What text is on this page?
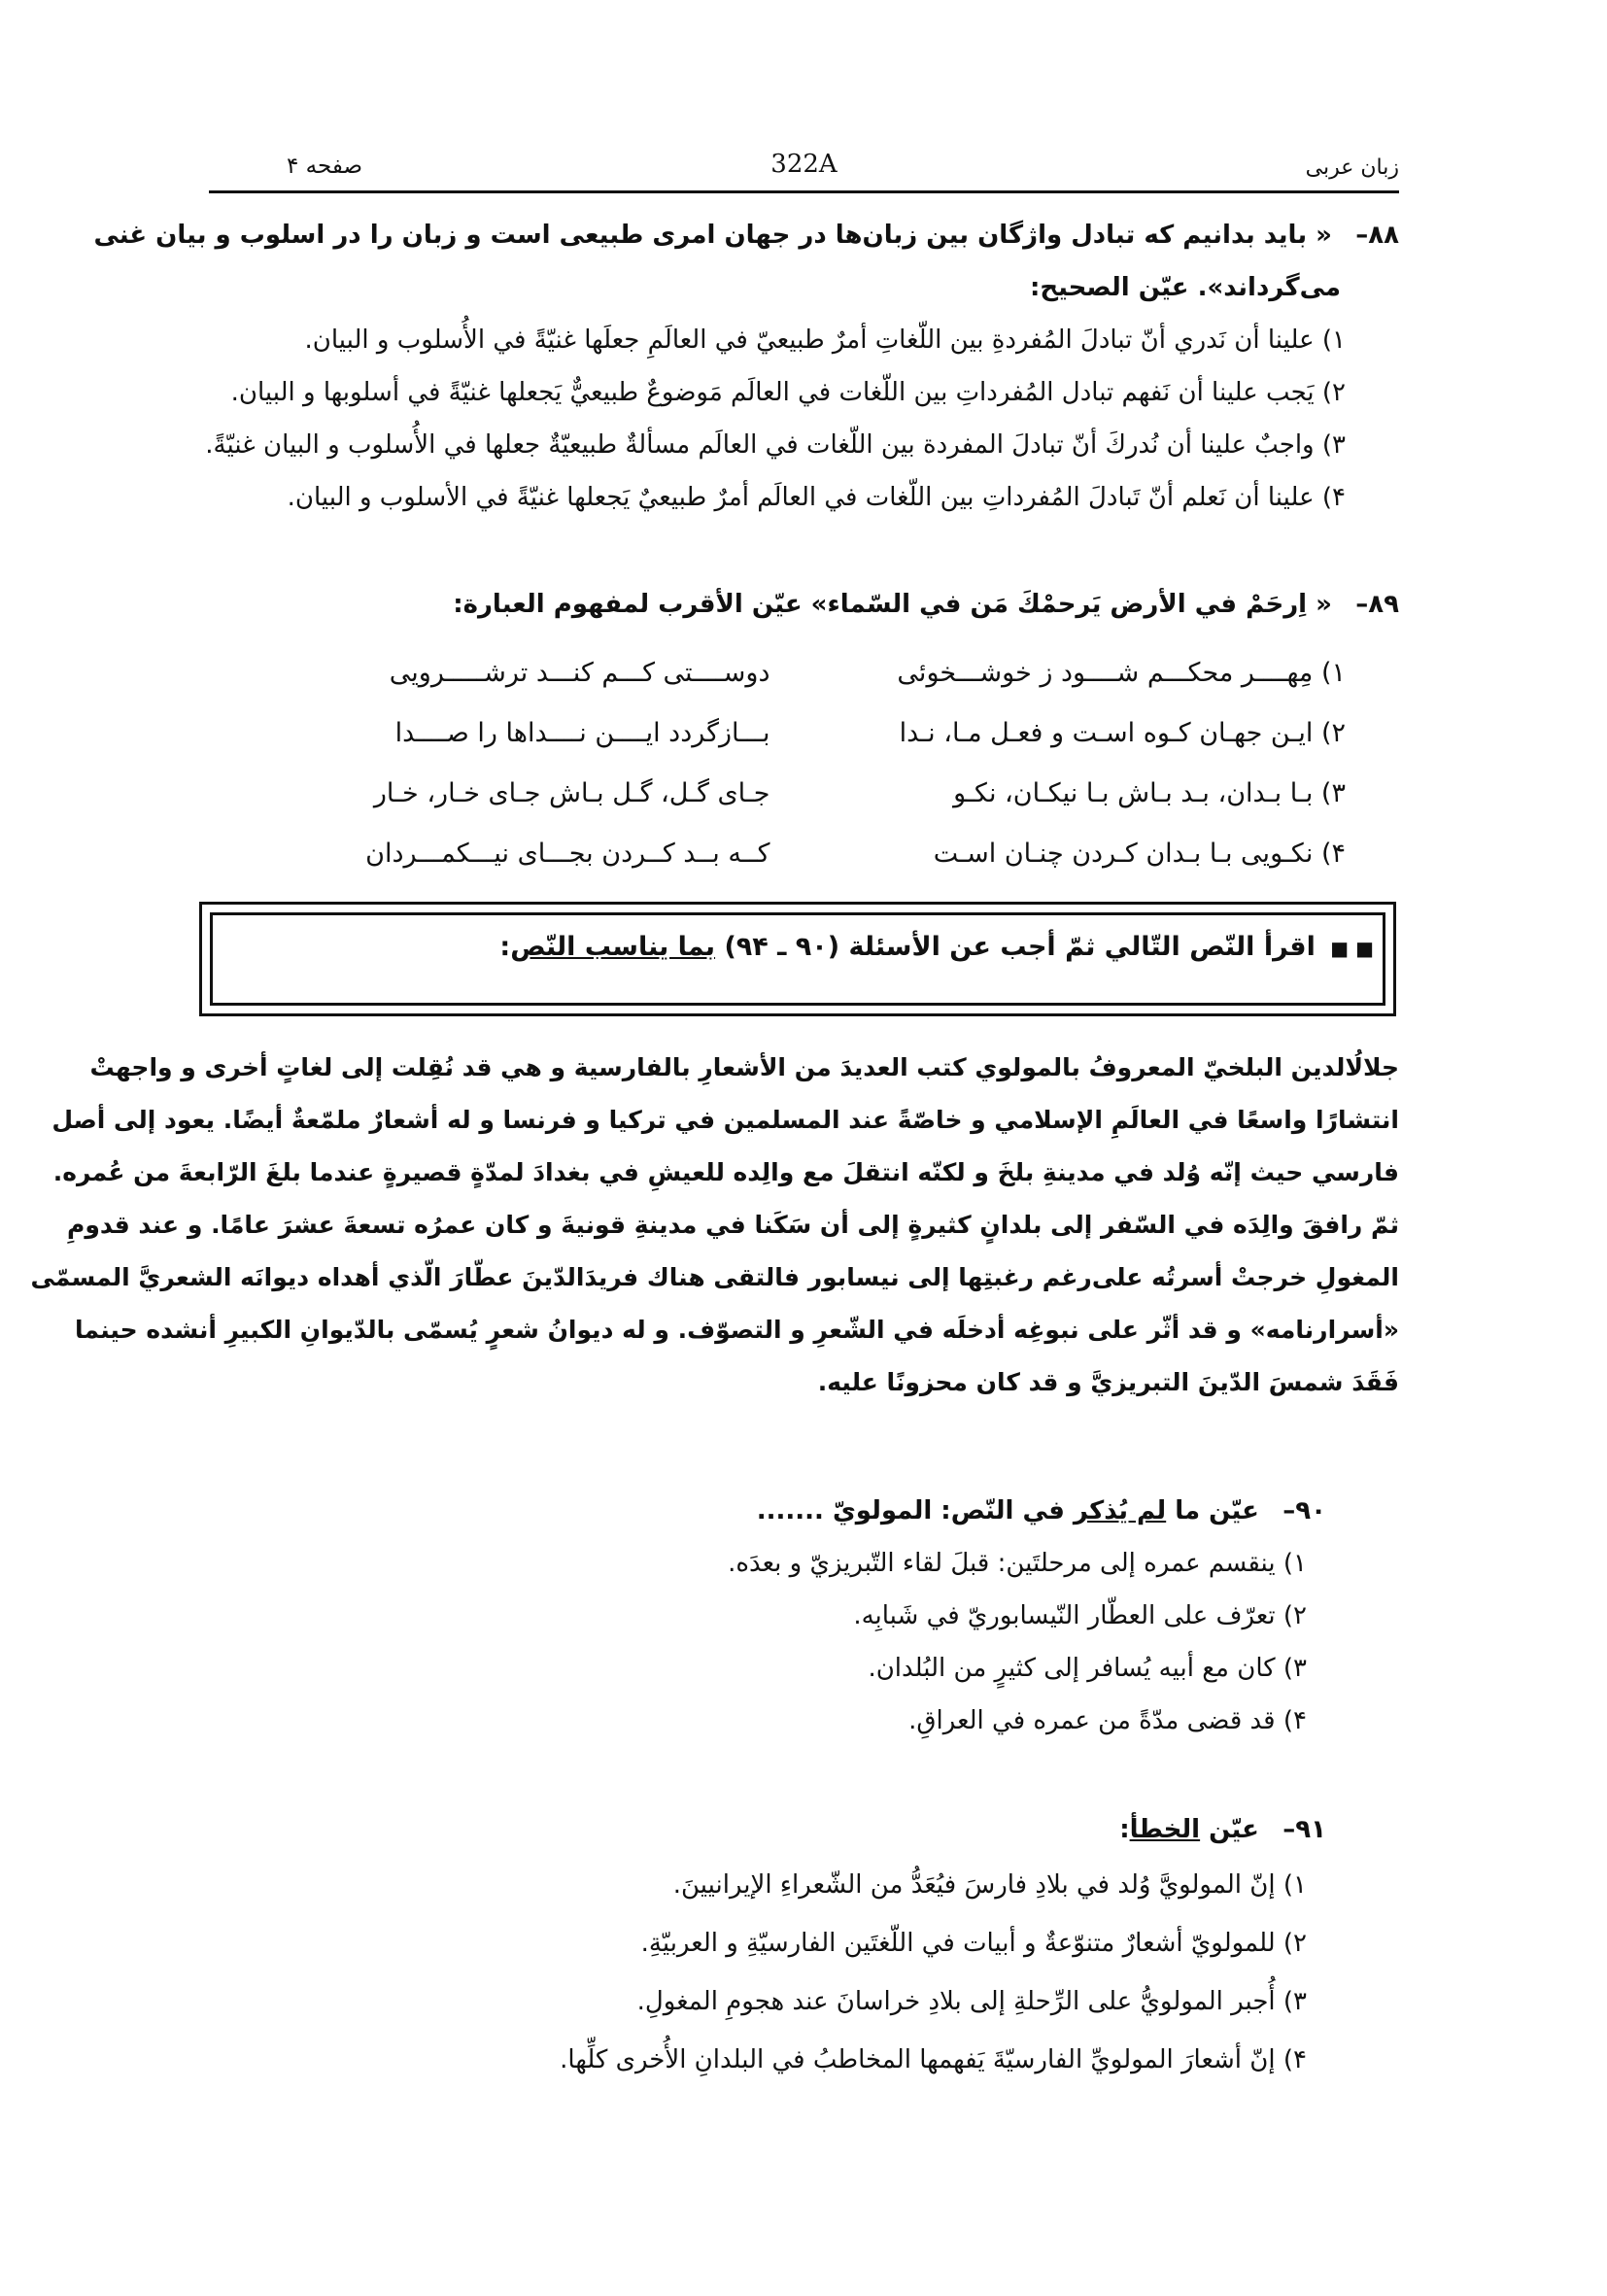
زبان عربی
322A
صفحه ۴
۸۸– « باید بدانیم که تبادل واژگان بین زبان‌ها در جهان امری طبیعی است و زبان را در اسلوب و بیان غنی
می‌گرداند». عیّن الصحیح:
۱) علینا أن نَدري أنّ تبادلَ المُفردةِ بین اللّغاتِ أمرٌ طبیعيّ في العالَمِ جعلَها غنیّةً في الأُسلوب و البیان.
۲) یَجب علینا أن نَفهم تبادل المُفرداتِ بین اللّغات في العالَم مَوضوعٌ طبیعيٌّ یَجعلها غنیّةً في أسلوبها و البیان.
۳) واجبٌ علینا أن نُدركَ أنّ تبادلَ المفردة بین اللّغات في العالَم مسألةٌ طبیعیّةٌ جعلها في الأُسلوب و البیان غنیّةً.
۴) علینا أن نَعلم أنّ تَبادلَ المُفرداتِ بین اللّغات في العالَم أمرٌ طبیعيٌ یَجعلها غنیّةً في الأسلوب و البیان.
۸۹– « اِرحَمْ في الأرض یَرحمْكَ مَن في السّماء» عیّن الأقرب لمفهوم العبارة:
۱) مِهــــر محکـــم شــــود ز خوشـــخوئی
دوســــتی کـــم کنـــد ترشـــــرویی
۲) ایـن جهـان کـوه اسـت و فعـل مـا، نـدا
بـــازگردد ایــــن نــــداها را صــــدا
۳) بـا بـدان، بـد بـاش بـا نیکـان، نکـو
جـای گـل، گـل بـاش جـای خـار، خـار
۴) نکـویی بـا بـدان کـردن چنـان اسـت
کــه بــد کــردن بجـــای نیـــکمـــردان
■ ■ اقرأ النّص التّالي ثمّ أجب عن الأسئلة (۹۰ ـ ۹۴) بما یناسب النّص:
جلالُالدین البلخيّ المعروفُ بالمولوي كتب العدیدَ من الأشعارِ بالفارسیة و هي قد نُقِلت إلی لغاتٍ أخری و واجهتْ
انتشارًا واسعًا في العالَمِ الإسلامي و خاصّةً عند المسلمین في تركیا و فرنسا و له أشعارٌ ملمّعةٌ أیضًا. یعود إلی أصل
فارسي حیث إنّه وُلد في مدینةِ بلخَ و لكنّه انتقلَ مع والِده للعیشِ في بغدادَ لمدّةٍ قصیرةٍ عندما بلغَ الرّابعةَ من عُمره.
ثمّ رافقَ والِدَه في السّفر إلی بلدانٍ كثیرةٍ إلی أن سَكَنا في مدینةِ قونیةَ و كان عمرُه تسعةَ عشرَ عامًا. و عند قدومِ
المغولِ خرجتْ أسرتُه علی‌رغم رغبتِها إلی نیسابور فالتقی هناك فریدَالدّینَ عطّارَ الّذي أهداه دیوانَه الشعريَّ المسمّی
«أسرارنامه» و قد أثّر علی نبوغِه أدخلَه في الشّعرِ و التصوّف. و له دیوانُ شعرٍ یُسمّی بالدّیوانِ الكبیرِ أنشده حینما
فَقَدَ شمسَ الدّینَ التبریزيَّ و قد كان محزونًا علیه.
۹۰– عیّن ما لم یُذكر في النّص: المولويّ .......
۱) ینقسم عمره إلی مرحلتَین: قبلَ لقاء التّبریزيّ و بعدَه.
۲) تعرّف علی العطّار النّیسابوريّ في شَبابِه.
۳) كان مع أبیه یُسافر إلی كثیرٍ من البُلدان.
۴) قد قضی مدّةً من عمره في العراقِ.
۹۱– عیّن الخطأ:
۱) إنّ المولويَّ وُلد في بلادِ فارسَ فیُعَدُّ من الشّعراءِ الإیرانیینَ.
۲) للمولويّ أشعارٌ متنوّعةٌ و أبیات في اللّغتَین الفارسیّةِ و العربیّةِ.
۳) أُجبر المولويُّ علی الرِّحلةِ إلی بلادِ خراسانَ عند هجومِ المغولِ.
۴) إنّ أشعارَ المولويِّ الفارسیّةَ یَفهمها المخاطبُ في البلدانِ الأُخری كلِّها.
